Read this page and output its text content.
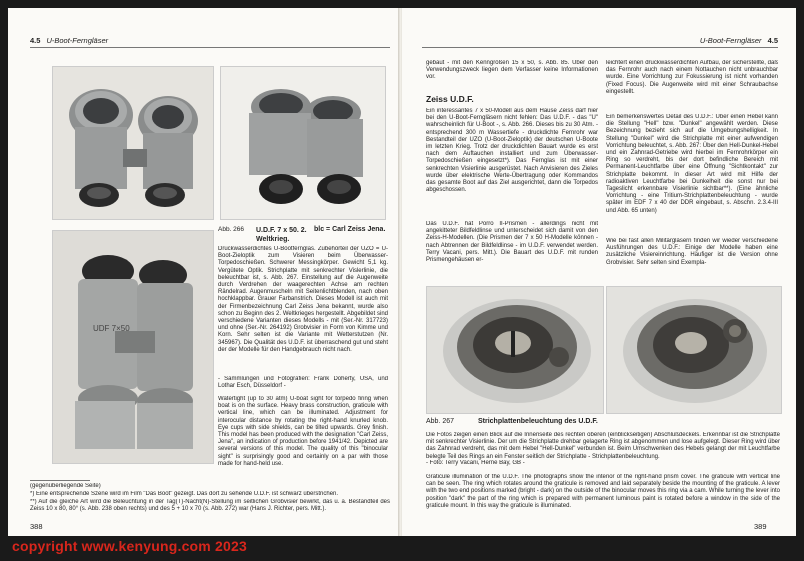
4.5 U-Boot-Ferngläser
Abb. 266 U.D.F. 7 x 50. 2. Weltkrieg.
blc = Carl Zeiss Jena.
UDF 7×50

Druckwasserdichtes U-Bootfernglas. Zubehörteil der UZO = U-Boot-Zieloptik zum Visieren beim Überwasser-Torpedoschießen. Schwerer Messingkörper. Gewicht 5,1 kg. Vergütete Optik. Strichplatte mit senkrechter Vislerlinie, die beleuchtbar ist, s. Abb. 267. Einstellung auf die Augenweite durch Verdrehen der waagerechten Achse am rechten Rändelrad. Augenmuscheln mit Seitenlichtblenden, nach oben hochklappbar. Grauer Farbanstrich. Dieses Modell ist auch mit der Firmenbezeichnung Carl Zeiss Jena bekannt, wurde also schon zu Beginn des 2. Weltkrieges hergestellt. Abgebildet sind verschiedene Varianten dieses Modells - mit (Ser.-Nr. 317723) und ohne (Ser.-Nr. 264192) Grobvisier in Form von Kimme und Korn. Sehr selten ist die Variante mit Wetterstutzen (Nr. 345967). Die Qualität des U.D.F. ist überraschend gut und steht der der Modelle für den Handgebrauch nicht nach.

- Sammlungen und Fotografien: Frank Doherty, USA, und Lothar Esch, Düsseldorf -
Watertight (up to 30 atm) U-boat sight for torpedo firing when boat is on the surface. Heavy brass construction, graticule with vertical line, which can be illuminated. Adjustment for interocular distance by rotating the right-hand knurled knob. Eye cups with side shields, can be tilted upwards. Grey finish. This model has been produced with the designation "Carl Zeiss, Jena", an indication of production before 1941/42. Depicted are several versions of this model. The quality of this "binocular sight" is surprisingly good and certainly on a par with those made for hand-held use.
(gegenüberliegende Seite)
*) Eine entsprechende Szene wird im Film "Das Boot" gezeigt. Das dort zu sehende U.D.F. ist schwarz überstrichen.
**) Auf die gleiche Art wird die Beleuchtung in der Tag(T)-Nacht(N)-Stellung im seitlichen Grobvisier bewirkt, das u. a. Bestandteil des Zeiss 10 x 80, 80° (s. Abb. 238 oben rechts) und des 5 + 10 x 70 (s. Abb. 272) war (Hans J. Richter, pers. Mitt.).
388
U-Boot-Ferngläser 4.5
gebaut - mit den Kenngrößen 15 x 50, s. Abb. 85. Über den Verwendungszweck liegen dem Verfasser keine Informationen vor.
Zeiss U.D.F.
Ein interessantes 7 x 50-Modell aus dem Hause Zeiss darf hier bei den U-Boot-Ferngläsern nicht fehlen: Das U.D.F. - das "U" wahrscheinlich für U-Boot -, s. Abb. 266. Dieses bis zu 30 Atm. - entsprechend 300 m Wassertiefe - druckdichte Fernrohr war Bestandteil der UZO (U-Boot-Zieloptik) der deutschen U-Boote im letzten Krieg. Trotz der druckdichten Bauart wurde es erst nach dem Auftauchen installiert und zum Überwasser-Torpedoschießen eingesetzt*). Das Fernglas ist mit einer senkrechten Visierlinie ausgerüstet. Nach Anvisieren des Zieles wurde über elektrische Werte-Übertragung oder Kommandos das gesamte Boot auf das Ziel ausgerichtet, dann die Torpedos abgeschossen.
Das U.D.F. hat Porro II-Prismen - allerdings nicht mit angekitteter Bildfeldlinse und unterscheidet sich damit von den Zeiss-H-Modellen. (Die Prismen der 7 x 50 H-Modelle können - nach Abtrennen der Bildfeldlinse - im U.D.F. verwendet werden. Terry Vacani, pers. Mitt.). Die Bauart des U.D.F. mit runden Prismengehäusen er-
leichtert einen druckwasserdichten Aufbau, der sicherstellte, daß das Fernrohr auch nach einem Nottauchen nicht unbrauchbar wurde. Eine Vorrichtung zur Fokussierung ist nicht vorhanden (Fixed Focus). Die Augenweite wird mit einer Schraubachse eingestellt.
Ein bemerkenswertes Detail des U.D.F.: Über einen Hebel kann die Stellung "Hell" bzw. "Dunkel" angewählt werden. Diese Bezeichnung bezieht sich auf die Umgebungshelligkeit. In Stellung "Dunkel" wird die Strichplatte mit einer aufwendigen Vorrichtung beleuchtet, s. Abb. 267: Über den Hell-Dunkel-Hebel und ein Zahnrad-Getriebe wird hierbei im Fernrohrkörper ein Ring so verdreht, bis der dort befindliche Bereich mit Permanent-Leuchtfarbe über eine Öffnung "Sichtkontakt" zur Strichplatte bekommt. In dieser Art wird mit Hilfe der radioaktiven Leuchtfarbe bei Dunkelheit die sonst nur bei Tageslicht erkennbare Visierlinie sichtbar**). (Eine ähnliche Vorrichtung - eine Tritium-Strichplattenbeleuchtung - wurde später im EDF 7 x 40 der DDR eingebaut, s. Abschn. 2.3.4-III und Abb. 65 unten)
Wie bei fast allen Militärgläsern finden wir wieder verschiedene Ausführungen des U.D.F.: Einige der Modelle haben eine zusätzliche Visiereinrichtung. Häufiger ist die Version ohne Grobvisier. Sehr selten sind Exempla-
Abb. 267	Strichplattenbeleuchtung des U.D.F.
Die Fotos zeigen einen Blick auf die Innenseite des rechten oberen (einblickseitigen) Abschlußdeckels. Erkennbar ist die Strichplatte mit senkrechter Visierlinie. Der um die Strichplatte drehbar gelagerte Ring ist abgenommen und lose aufgelegt. Dieser Ring wird über das Zahnrad verdreht, das mit dem Hebel "Hell-Dunkel" verbunden ist. Beim Umschwenken des Hebels gelangt der mit Leuchtfarbe belegte Teil des Rings an ein Fenster seitlich der Strichplatte - Strichplattenbeleuchtung.
- Foto: Terry Vacani, Herne Bay, GB -
Graticule illumination of the U.D.F. The photographs show the interior of the right-hand prism cover. The graticule with vertical line can be seen. The ring which rotates around the graticule is removed and laid separately beside the mounting of the graticule. A lever with the two end positions marked (bright - dark) on the outside of the binocular moves this ring via a cam. While turning the lever into position "dark" the part of the ring which is prepared with permanent luminous paint is rotated before a window in the side of the graticule mount. In this way the graticule is illuminated.
389
copyright www.kenyung.com 2023
